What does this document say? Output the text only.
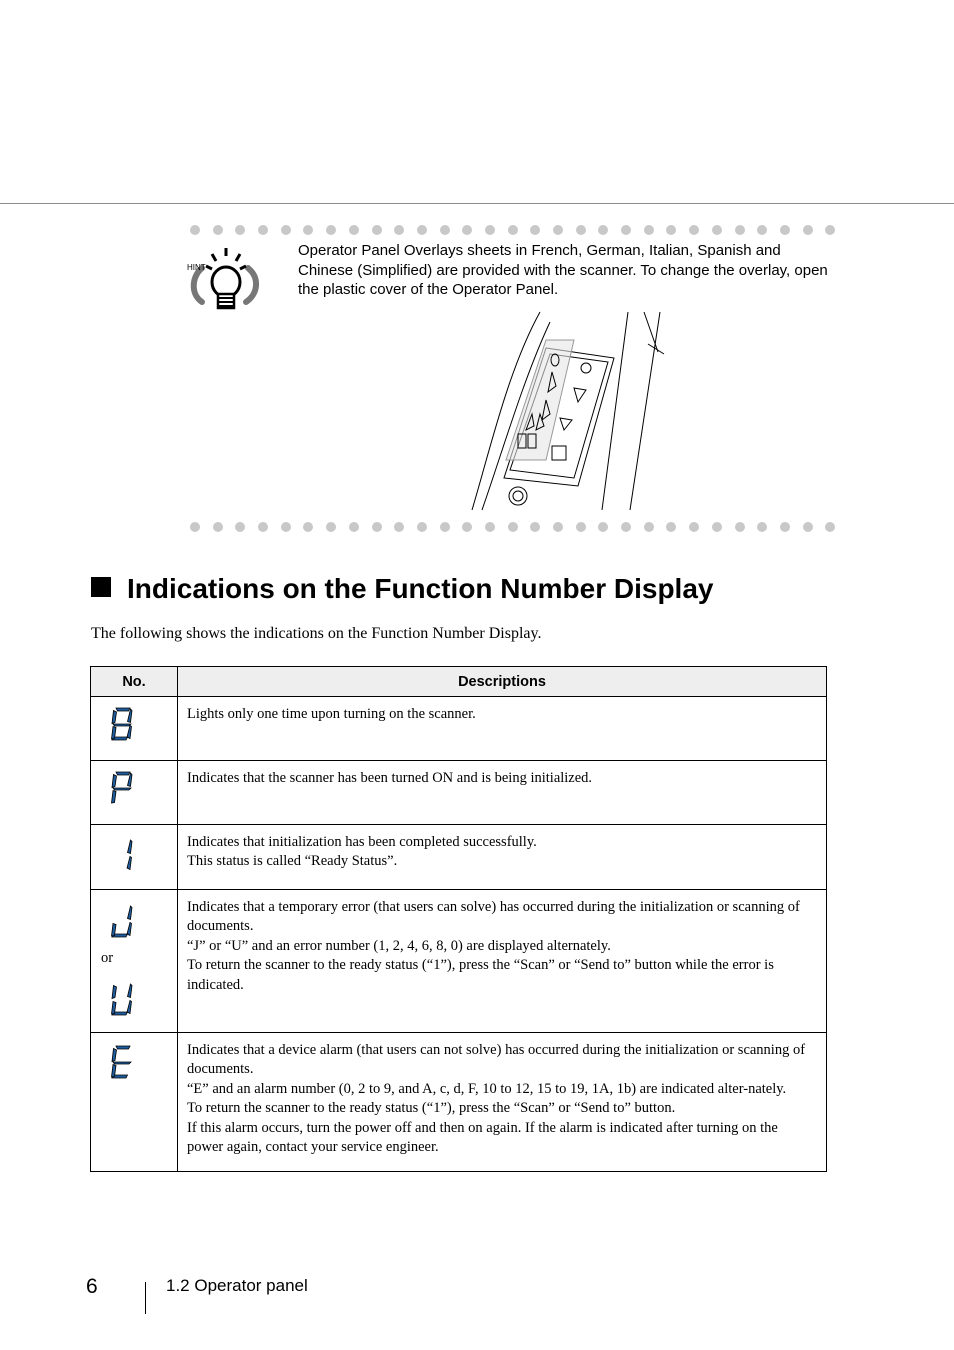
HINT
Operator Panel Overlays sheets in French, German, Italian, Spanish and Chinese (Simplified) are provided with the scanner. To change the overlay, open the plastic cover of the Operator Panel.
Indications on the Function Number Display
The following shows the indications on the Function Number Display.
No.	Descriptions

Lights only one time upon turning on the scanner.

Indicates that the scanner has been turned ON and is being initialized.

Indicates that initialization has been completed successfully.
This status is called “Ready Status”.

or	Indicates that a temporary error (that users can solve) has occurred during the initialization or scanning of documents.
“J” or “U” and an error number (1, 2, 4, 6, 8, 0) are displayed alternately.
To return the scanner to the ready status (“1”), press the “Scan” or “Send to” button while the error is indicated.

Indicates that a device alarm (that users can not solve) has occurred during the initialization or scanning of documents.
“E” and an alarm number (0, 2 to 9, and A, c, d, F, 10 to 12, 15 to 19, 1A, 1b) are indicated alter-nately.
To return the scanner to the ready status (“1”), press the “Scan” or “Send to” button.
If this alarm occurs, turn the power off and then on again. If the alarm is indicated after turning on the power again, contact your service engineer.
6	1.2 Operator panel
